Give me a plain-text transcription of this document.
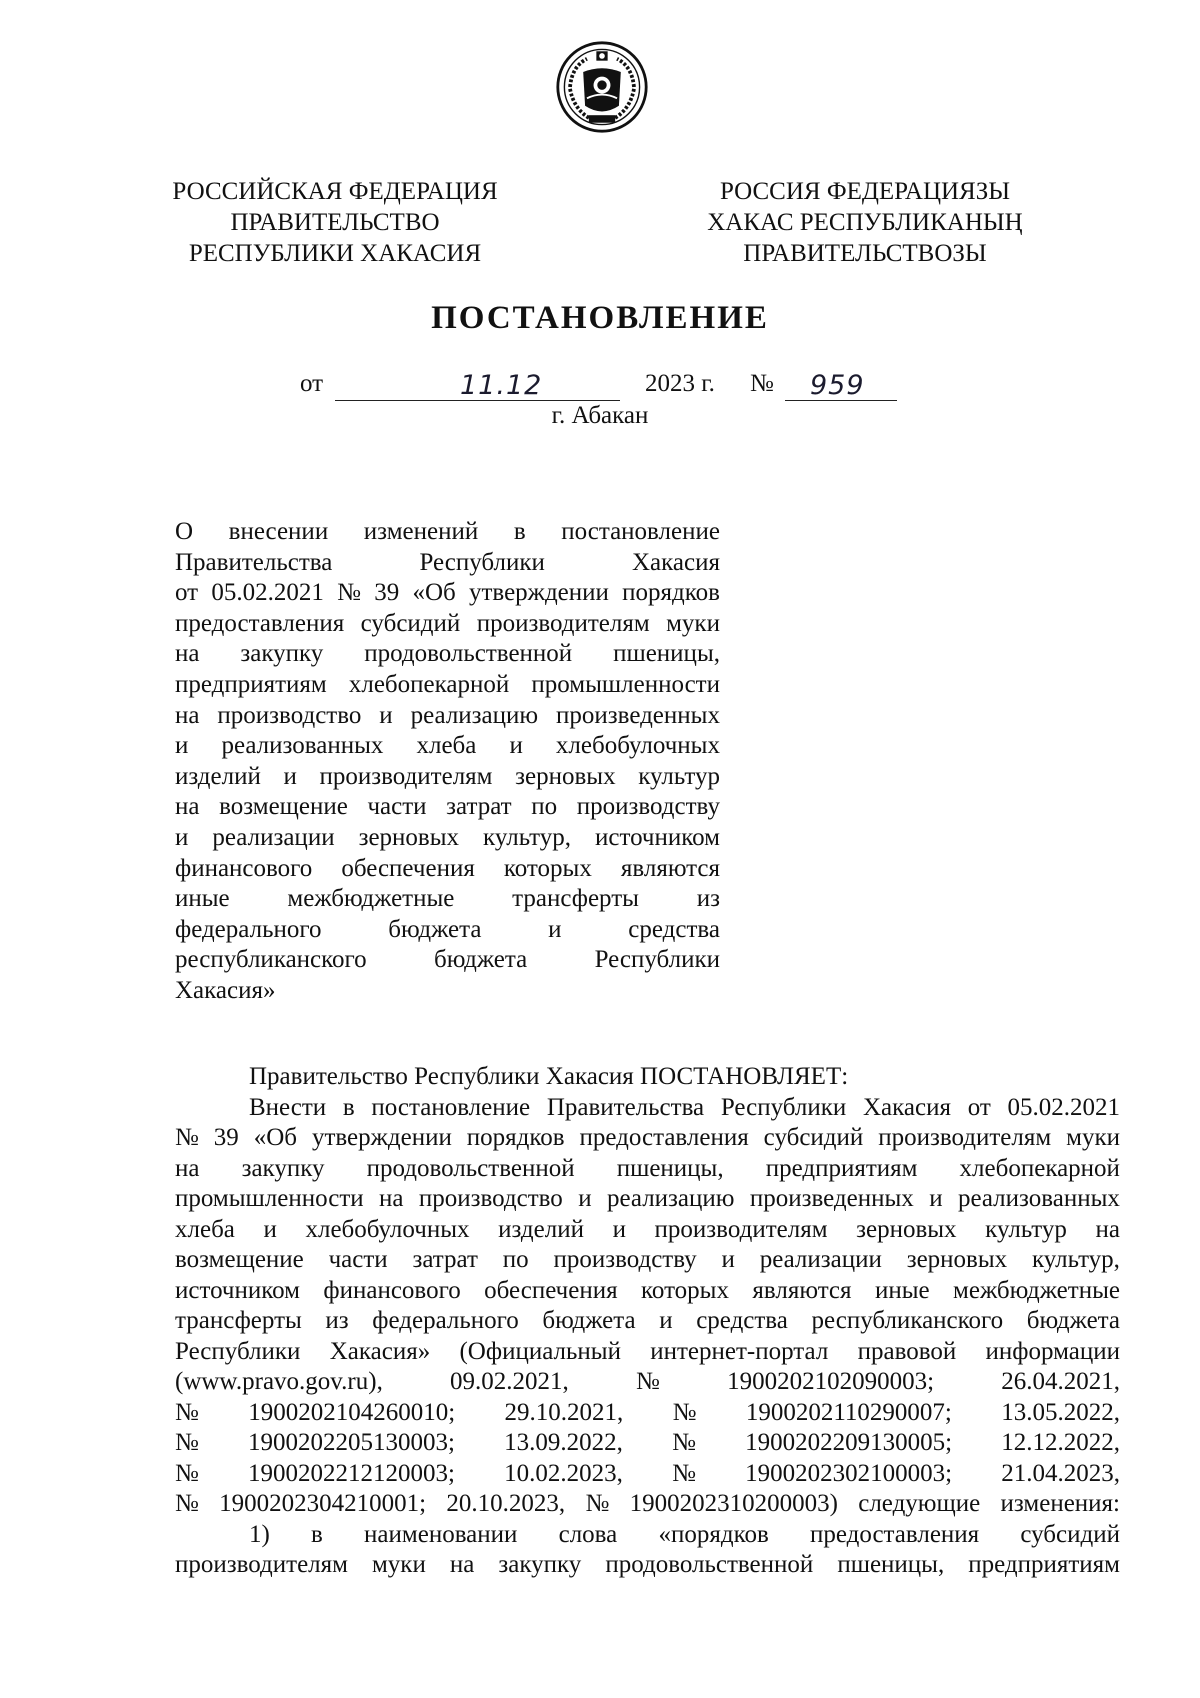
РОССИЙСКАЯ ФЕДЕРАЦИЯ
ПРАВИТЕЛЬСТВО
РЕСПУБЛИКИ ХАКАСИЯ
РОССИЯ ФЕДЕРАЦИЯЗЫ
ХАКАС РЕСПУБЛИКАНЫҢ
ПРАВИТЕЛЬСТВОЗЫ
ПОСТАНОВЛЕНИЕ
от	11.12	2023 г. № 959
г. Абакан
О внесении изменений в постановление
Правительства	Республики	Хакасия
от 05.02.2021 № 39 «Об утверждении порядков
предоставления субсидий производителям муки
на закупку продовольственной пшеницы,
предприятиям хлебопекарной промышленности
на производство и реализацию произведенных
и реализованных хлеба и хлебобулочных
изделий и производителям зерновых культур
на возмещение части затрат по производству
и реализации зерновых культур, источником
финансового обеспечения которых являются
иные межбюджетные трансферты из
федерального	бюджета	и	средства
республиканского	бюджета	Республики
Хакасия»
Правительство Республики Хакасия ПОСТАНОВЛЯЕТ:
Внести в постановление Правительства Республики Хакасия от 05.02.2021
№ 39 «Об утверждении порядков предоставления субсидий производителям муки
на закупку продовольственной пшеницы, предприятиям хлебопекарной
промышленности на производство и реализацию произведенных и реализованных
хлеба и хлебобулочных изделий и производителям зерновых культур на
возмещение части затрат по производству и реализации зерновых культур,
источником финансового обеспечения которых являются иные межбюджетные
трансферты из федерального бюджета и средства республиканского бюджета
Республики Хакасия» (Официальный интернет-портал правовой информации
(www.pravo.gov.ru),	09.02.2021,	№	1900202102090003;	26.04.2021,
№ 1900202104260010; 29.10.2021, № 1900202110290007; 13.05.2022,
№ 1900202205130003; 13.09.2022, № 1900202209130005; 12.12.2022,
№ 1900202212120003; 10.02.2023, № 1900202302100003; 21.04.2023,
№ 1900202304210001; 20.10.2023, № 1900202310200003) следующие изменения:
1) в наименовании слова «порядков предоставления субсидий
производителям муки на закупку продовольственной пшеницы, предприятиям
